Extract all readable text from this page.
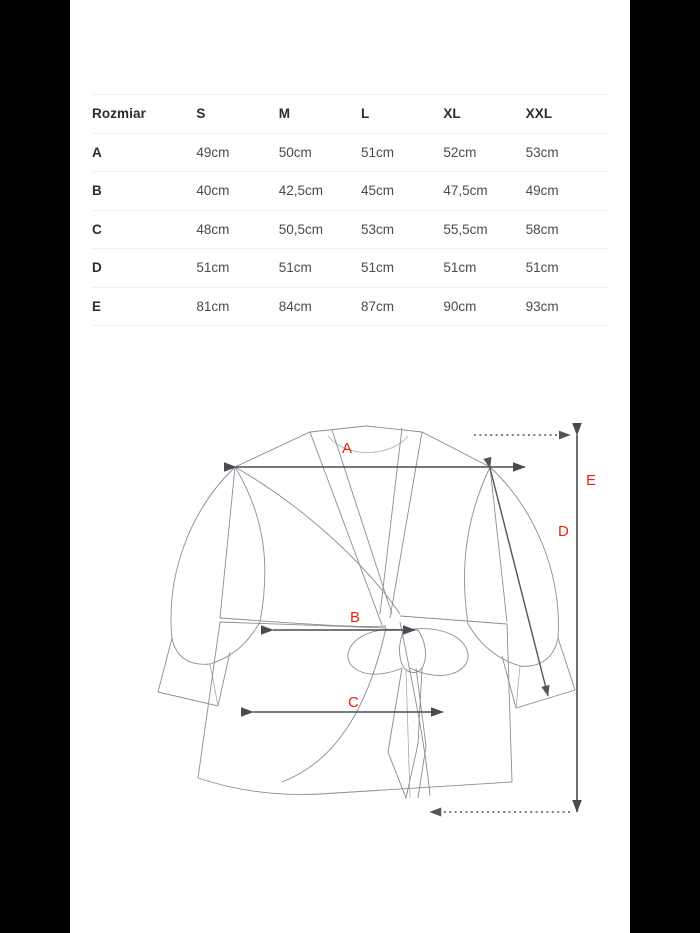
Rozmiar	S	M	L	XL	XXL
A	49cm	50cm	51cm	52cm	53cm
B	40cm	42,5cm	45cm	47,5cm	49cm
C	48cm	50,5cm	53cm	55,5cm	58cm
D	51cm	51cm	51cm	51cm	51cm
E	81cm	84cm	87cm	90cm	93cm
A
B
C
D
E
